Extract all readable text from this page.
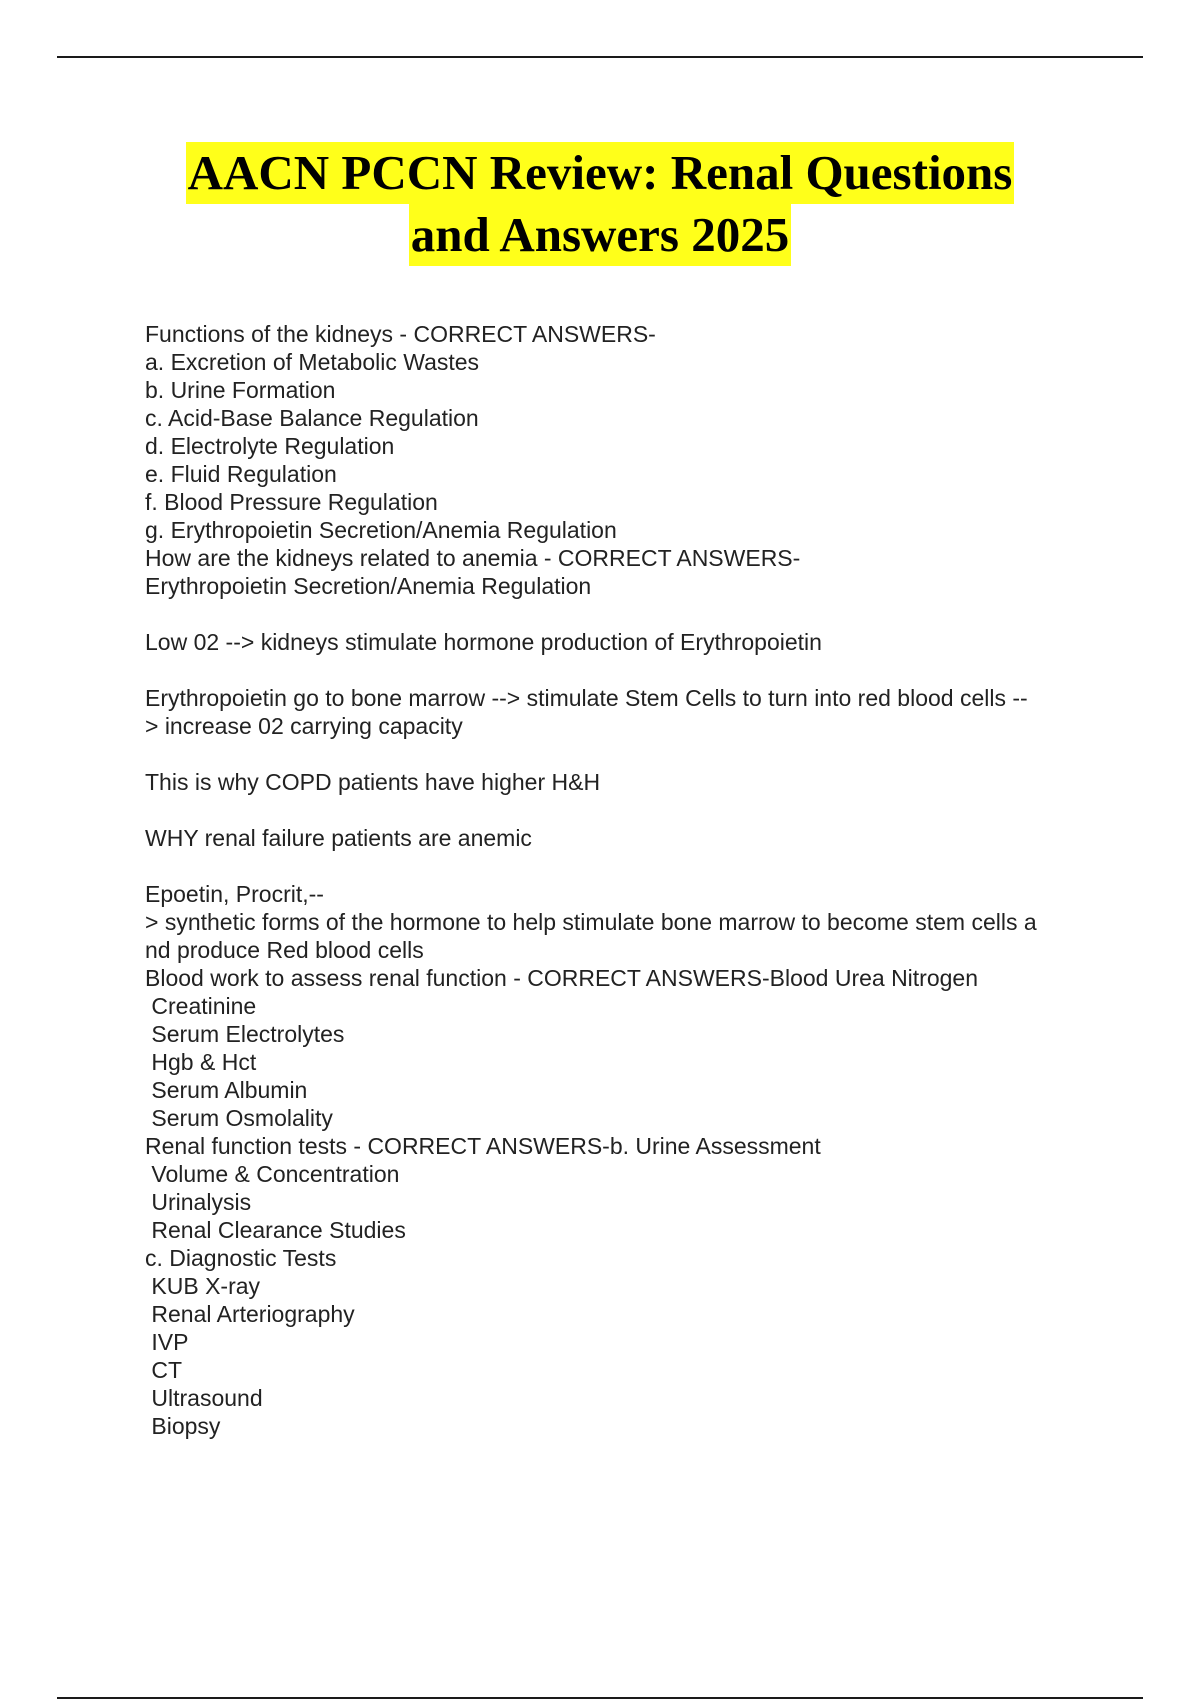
AACN PCCN Review: Renal Questions
and Answers 2025
Functions of the kidneys - CORRECT ANSWERS-
a. Excretion of Metabolic Wastes
b. Urine Formation
c. Acid-Base Balance Regulation
d. Electrolyte Regulation
e. Fluid Regulation
f. Blood Pressure Regulation
g. Erythropoietin Secretion/Anemia Regulation
How are the kidneys related to anemia - CORRECT ANSWERS-
Erythropoietin Secretion/Anemia Regulation
Low 02 --> kidneys stimulate hormone production of Erythropoietin
Erythropoietin go to bone marrow --> stimulate Stem Cells to turn into red blood cells --
> increase 02 carrying capacity
This is why COPD patients have higher H&H
WHY renal failure patients are anemic
Epoetin, Procrit,--
> synthetic forms of the hormone to help stimulate bone marrow to become stem cells a
nd produce Red blood cells
Blood work to assess renal function - CORRECT ANSWERS-Blood Urea Nitrogen
Creatinine
Serum Electrolytes
Hgb & Hct
Serum Albumin
Serum Osmolality
Renal function tests - CORRECT ANSWERS-b. Urine Assessment
Volume & Concentration
Urinalysis
Renal Clearance Studies
c. Diagnostic Tests
KUB X-ray
Renal Arteriography
IVP
CT
Ultrasound
Biopsy
